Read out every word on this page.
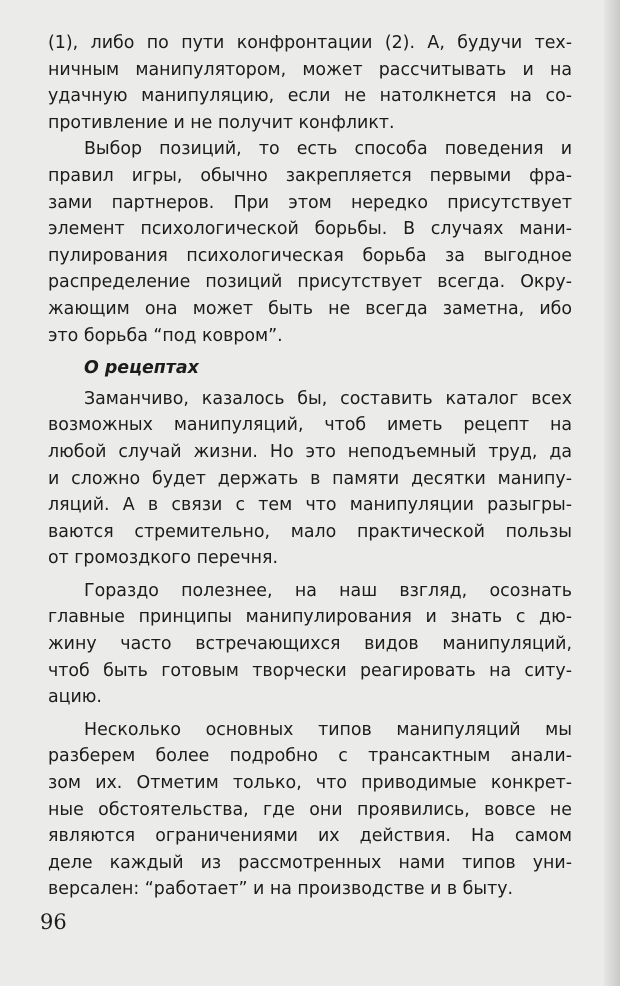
(1), либо по пути конфронтации (2). А, будучи тех-
ничным манипулятором, может рассчитывать и на
удачную манипуляцию, если не натолкнется на со-
противление и не получит конфликт.
Выбор позиций, то есть способа поведения и
правил игры, обычно закрепляется первыми фра-
зами партнеров. При этом нередко присутствует
элемент психологической борьбы. В случаях мани-
пулирования психологическая борьба за выгодное
распределение позиций присутствует всегда. Окру-
жающим она может быть не всегда заметна, ибо
это борьба “под ковром”.
О рецептах
Заманчиво, казалось бы, составить каталог всех
возможных манипуляций, чтоб иметь рецепт на
любой случай жизни. Но это неподъемный труд, да
и сложно будет держать в памяти десятки манипу-
ляций. А в связи с тем что манипуляции разыгры-
ваются стремительно, мало практической пользы
от громоздкого перечня.
Гораздо полезнее, на наш взгляд, осознать
главные принципы манипулирования и знать с дю-
жину часто встречающихся видов манипуляций,
чтоб быть готовым творчески реагировать на ситу-
ацию.
Несколько основных типов манипуляций мы
разберем более подробно с трансактным анали-
зом их. Отметим только, что приводимые конкрет-
ные обстоятельства, где они проявились, вовсе не
являются ограничениями их действия. На самом
деле каждый из рассмотренных нами типов уни-
версален: “работает” и на производстве и в быту.
96
